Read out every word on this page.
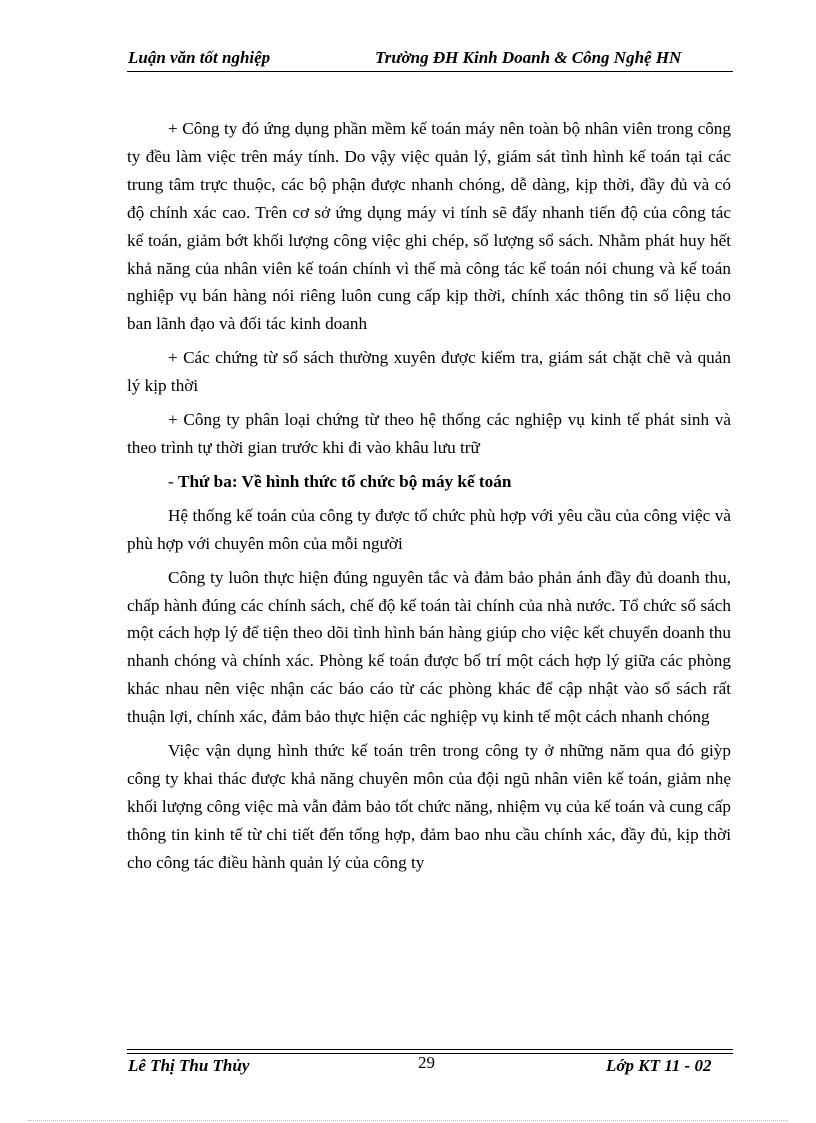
Luận văn tốt nghiệp	Trường ĐH Kinh Doanh & Công Nghệ HN

+ Công ty đó ứng dụng phần mềm kế toán máy nên toàn bộ nhân viên trong công ty đều làm việc trên máy tính. Do vậy việc quản lý, giám sát tình hình kế toán tại các trung tâm trực thuộc, các bộ phận được nhanh chóng, dễ dàng, kịp thời, đầy đủ và có độ chính xác cao. Trên cơ sở ứng dụng máy vi tính sẽ đẩy nhanh tiến độ của công tác kế toán, giảm bớt khối lượng công việc ghi chép, số lượng sổ sách. Nhằm phát huy hết khả năng của nhân viên kế toán chính vì thế mà công tác kế toán nói chung và kế toán nghiệp vụ bán hàng nói riêng luôn cung cấp kịp thời, chính xác thông tin số liệu cho ban lãnh đạo và đối tác kinh doanh

+ Các chứng từ sổ sách thường xuyên được kiểm tra, giám sát chặt chẽ và quản lý kịp thời

+ Công ty phân loại chứng từ theo hệ thống các nghiệp vụ kinh tế phát sinh và theo trình tự thời gian trước khi đi vào khâu lưu trữ

- Thứ ba: Về hình thức tổ chức bộ máy kế toán

Hệ thống kế toán của công ty được tổ chức phù hợp với yêu cầu của công việc và phù hợp với chuyên môn của mỗi người

Công ty luôn thực hiện đúng nguyên tắc và đảm bảo phản ánh đầy đủ doanh thu, chấp hành đúng các chính sách, chế độ kế toán tài chính của nhà nước. Tổ chức sổ sách một cách hợp lý để tiện theo dõi tình hình bán hàng giúp cho việc kết chuyển doanh thu nhanh chóng và chính xác. Phòng kế toán được bố trí một cách hợp lý giữa các phòng khác nhau nên việc nhận các báo cáo từ các phòng khác để cập nhật vào sổ sách rất thuận lợi, chính xác, đảm bảo thực hiện các nghiệp vụ kinh tế một cách nhanh chóng

Việc vận dụng hình thức kế toán trên trong công ty ở những năm qua đó giỳp công ty khai thác được khả năng chuyên môn của đội ngũ nhân viên kế toán, giảm nhẹ khối lượng công việc mà vẫn đảm bảo tốt chức năng, nhiệm vụ của kế toán và cung cấp thông tin kinh tế từ chi tiết đến tổng hợp, đảm bao nhu cầu chính xác, đầy đủ, kịp thời cho công tác điều hành quản lý của công ty

Lê Thị Thu Thủy	29	Lớp KT 11 - 02
